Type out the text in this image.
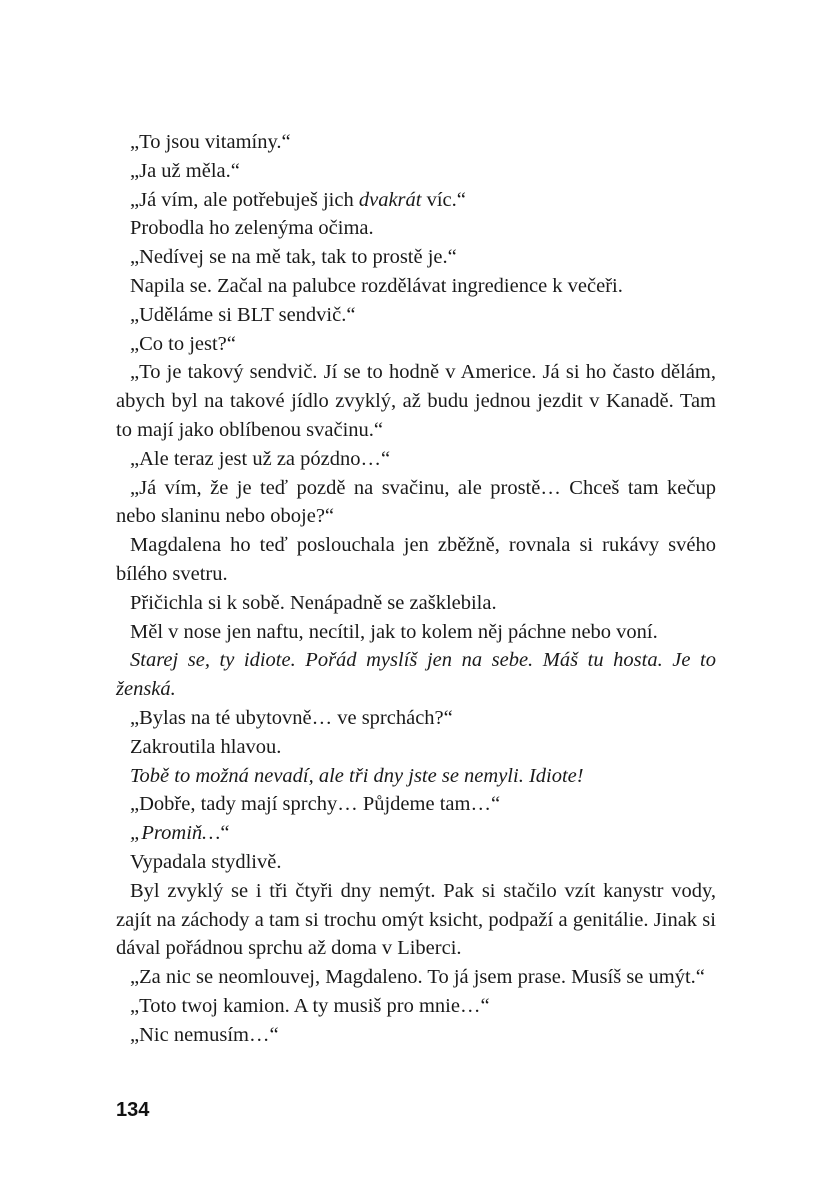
„To jsou vitamíny.“

„Ja už měla.“

„Já vím, ale potřebuješ jich dvakrát víc.“

Probodla ho zelenýma očima.

„Nedívej se na mě tak, tak to prostě je.“

Napila se. Začal na palubce rozdělávat ingredience k večeři.

„Uděláme si BLT sendvič.“

„Co to jest?“

„To je takový sendvič. Jí se to hodně v Americe. Já si ho často dělám, abych byl na takové jídlo zvyklý, až budu jednou jezdit v Kanadě. Tam to mají jako oblíbenou svačinu.“

„Ale teraz jest už za pózdno…“

„Já vím, že je teď pozdě na svačinu, ale prostě… Chceš tam kečup nebo slaninu nebo oboje?“

Magdalena ho teď poslouchala jen zběžně, rovnala si rukávy svého bílého svetru.

Přičichla si k sobě. Nenápadně se zašklebila.

Měl v nose jen naftu, necítil, jak to kolem něj páchne nebo voní.

Starej se, ty idiote. Pořád myslíš jen na sebe. Máš tu hosta. Je to ženská.

„Bylas na té ubytovně… ve sprchách?“

Zakroutila hlavou.

Tobě to možná nevadí, ale tři dny jste se nemyli. Idiote!

„Dobře, tady mají sprchy… Půjdeme tam…“

„Promiň…“

Vypadala stydlivě.

Byl zvyklý se i tři čtyři dny nemýt. Pak si stačilo vzít kanystr vody, zajít na záchody a tam si trochu omýt ksicht, podpaží a genitálie. Jinak si dával pořádnou sprchu až doma v Liberci.

„Za nic se neomlouvej, Magdaleno. To já jsem prase. Musíš se umýt.“

„Toto twoj kamion. A ty musiš pro mnie…“

„Nic nemusím…“

134
